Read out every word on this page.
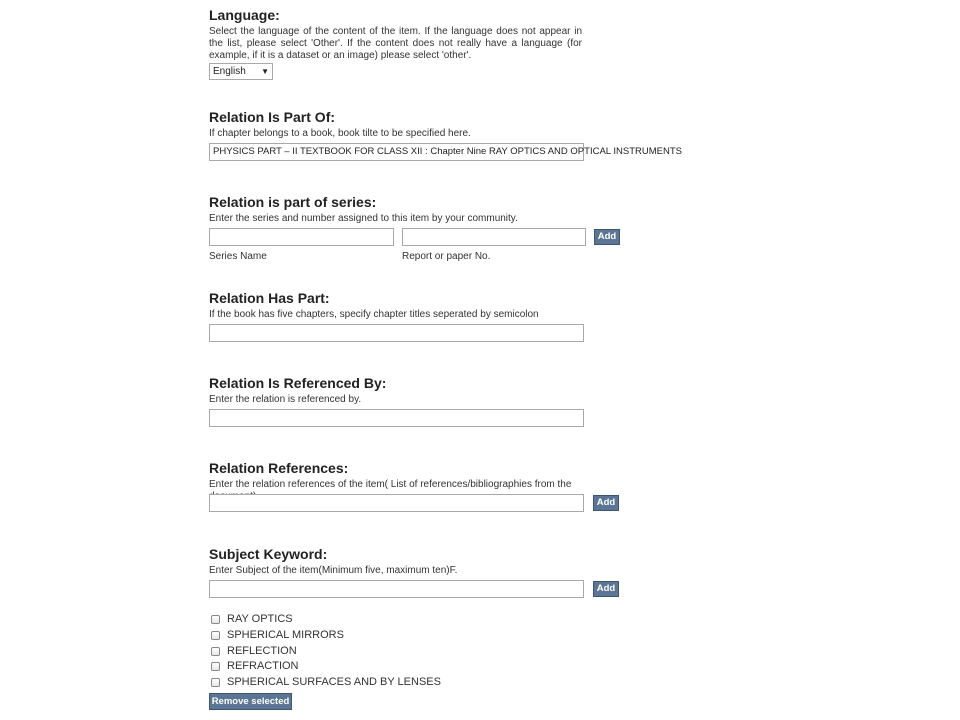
Language:
Select the language of the content of the item. If the language does not appear in the list, please select 'Other'. If the content does not really have a language (for example, if it is a dataset or an image) please select 'other'.
English ▼
Relation Is Part Of:
If chapter belongs to a book, book tilte to be specified here.
PHYSICS PART – II TEXTBOOK FOR CLASS XII : Chapter Nine RAY OPTICS AND OPTICAL INSTRUMENTS
Relation is part of series:
Enter the series and number assigned to this item by your community.
Add
Series Name	Report or paper No.
Relation Has Part:
If the book has five chapters, specify chapter titles seperated by semicolon
Relation Is Referenced By:
Enter the relation is referenced by.
Relation References:
Enter the relation references of the item( List of references/bibliographies from the
Add
Subject Keyword:
Enter Subject of the item(Minimum five, maximum ten)F.
Add
RAY OPTICS
SPHERICAL MIRRORS
REFLECTION
REFRACTION
SPHERICAL SURFACES AND BY LENSES
Remove selected
